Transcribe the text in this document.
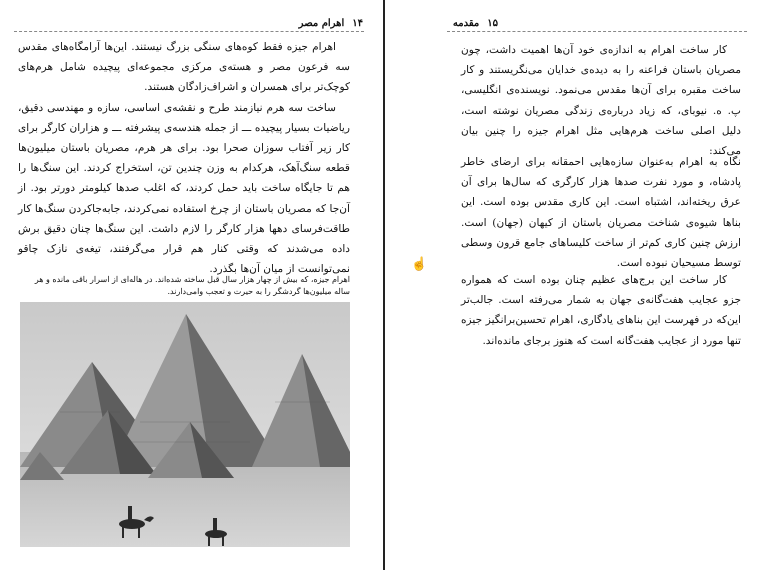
۱۴
اهرام مصر

اهرام جیزه فقط کوه‌های سنگی بزرگ نیستند. این‌ها آرامگاه‌های مقدس سه فرعون مصر و هسته‌ی مرکزی مجموعه‌ای پیچیده شامل هرم‌های کوچک‌تر برای همسران و اشراف‌زادگان هستند.

ساخت سه هرم نیازمند طرح و نقشه‌ی اساسی، سازه و مهندسی دقیق، ریاضیات بسیار پیچیده ـــ از جمله هندسه‌ی پیشرفته ـــ و هزاران کارگر برای کار زیر آفتاب سوزان صحرا بود. برای هر هرم، مصریان باستان میلیون‌ها قطعه سنگ‌آهک، هرکدام به وزن چندین تن، استخراج کردند. این سنگ‌ها را هم تا جایگاه ساخت باید حمل کردند، که اغلب صدها کیلومتر دورتر بود. از آن‌جا که مصریان باستان از چرخ استفاده نمی‌کردند، جابه‌جاکردن سنگ‌ها کار طاقت‌فرسای دهها هزار کارگر را لازم داشت. این سنگ‌ها چنان دقیق برش داده می‌شدند که وقتی کنار هم قرار می‌گرفتند، تیغه‌ی نازک چاقو نمی‌توانست از میان آن‌ها بگذرد.

اهرام جیزه، که بیش از چهار هزار سال قبل ساخته شده‌اند. در هاله‌ای از اسرار باقی مانده و هر ساله میلیون‌ها گردشگر را به حیرت و تعجب وامی‌دارند.
۱۵
مقدمه

کار ساخت اهرام به اندازه‌ی خود آن‌ها اهمیت داشت، چون مصریان باستان فراعنه را به دیده‌ی خدایان می‌نگریستند و کار ساخت مقبره برای آن‌ها مقدس می‌نمود. نویسنده‌ی انگلیسی، پ. ه. نیوبای، که زیاد درباره‌ی زندگی مصریان نوشته است، دلیل اصلی ساخت هرم‌هایی مثل اهرام جیزه را چنین بیان می‌کند:

نگاه به اهرام به‌عنوان سازه‌هایی احمقانه برای ارضای خاطر پادشاه، و مورد نفرت صدها هزار کارگری که سال‌ها برای آن عرق ریخته‌اند، اشتباه است. این کاری مقدس بوده است. این بناها شیوه‌ی شناخت مصریان باستان از کیهان (جهان) است. ارزش چنین کاری کم‌تر از ساخت کلیساهای جامع قرون وسطی توسط مسیحیان نبوده است.

کار ساخت این برج‌های عظیم چنان بوده است که همواره جزو عجایب هفت‌گانه‌ی جهان به شمار می‌رفته است. جالب‌تر این‌که در فهرست این بناهای یادگاری، اهرام تحسین‌برانگیز جیزه تنها مورد از عجایب هفت‌گانه است که هنوز برجای مانده‌اند.

☝
